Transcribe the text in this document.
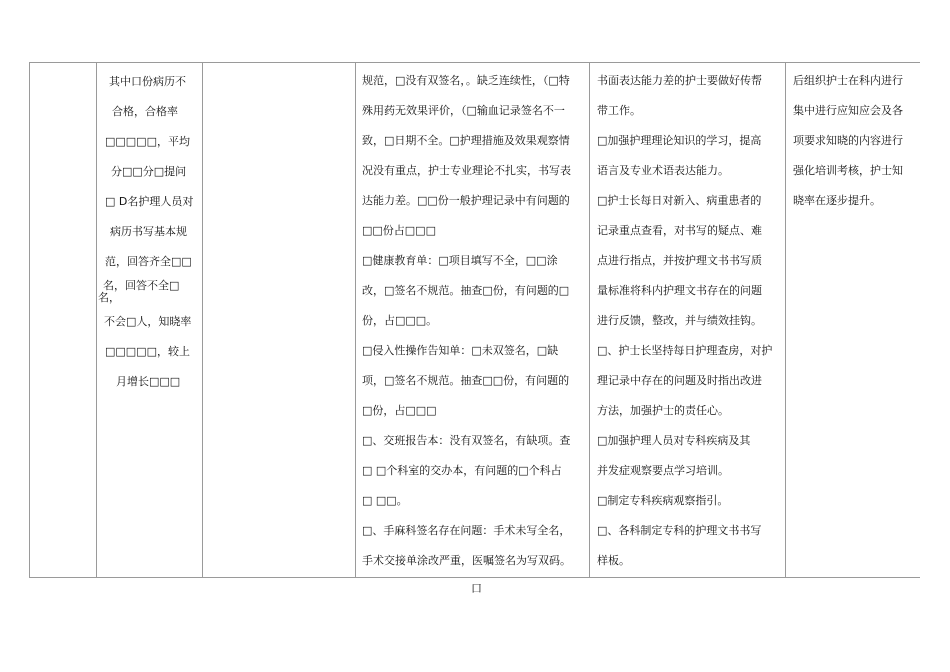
其中口份病历不
合格，合格率
□□□□□，平均
分□□分□提问
□ D名护理人员对
病历书写基本规
范，回答齐全□□
名，回答不全□
名，
不会□人，知晓率
□□□□□，较上
月增长□□□
规范，□没有双签名，。缺乏连续性，（□特
殊用药无效果评价，（□输血记录签名不一
致，□日期不全。□护理措施及效果观察情
况没有重点，护士专业理论不扎实，书写表
达能力差。□□份一般护理记录中有问题的
□□份占□□□
□健康教育单：□项目填写不全，□□涂
改，□签名不规范。抽查□份，有问题的□
份，占□□□。
□侵入性操作告知单：□未双签名，□缺
项，□签名不规范。抽查□□份，有问题的
□份，占□□□
□、交班报告本：没有双签名，有缺项。查
□ □个科室的交办本，有问题的□个科占
□ □□。
□、手麻科签名存在问题：手术未写全名，
手术交接单涂改严重，医嘱签名为写双码。
书面表达能力差的护士要做好传帮
带工作。
□加强护理理论知识的学习，提高
语言及专业术语表达能力。
□护士长每日对新入、病重患者的
记录重点查看，对书写的疑点、难
点进行指点，并按护理文书书写质
量标准将科内护理文书存在的问题
进行反馈，整改，并与绩效挂钩。
□、护士长坚持每日护理查房，对护
理记录中存在的问题及时指出改进
方法，加强护士的责任心。
□加强护理人员对专科疾病及其
并发症观察要点学习培训。
□制定专科疾病观察指引。
□、各科制定专科的护理文书书写
样板。
后组织护士在科内进行
集中进行应知应会及各
项要求知晓的内容进行
强化培训考核，护士知
晓率在逐步提升。
口
